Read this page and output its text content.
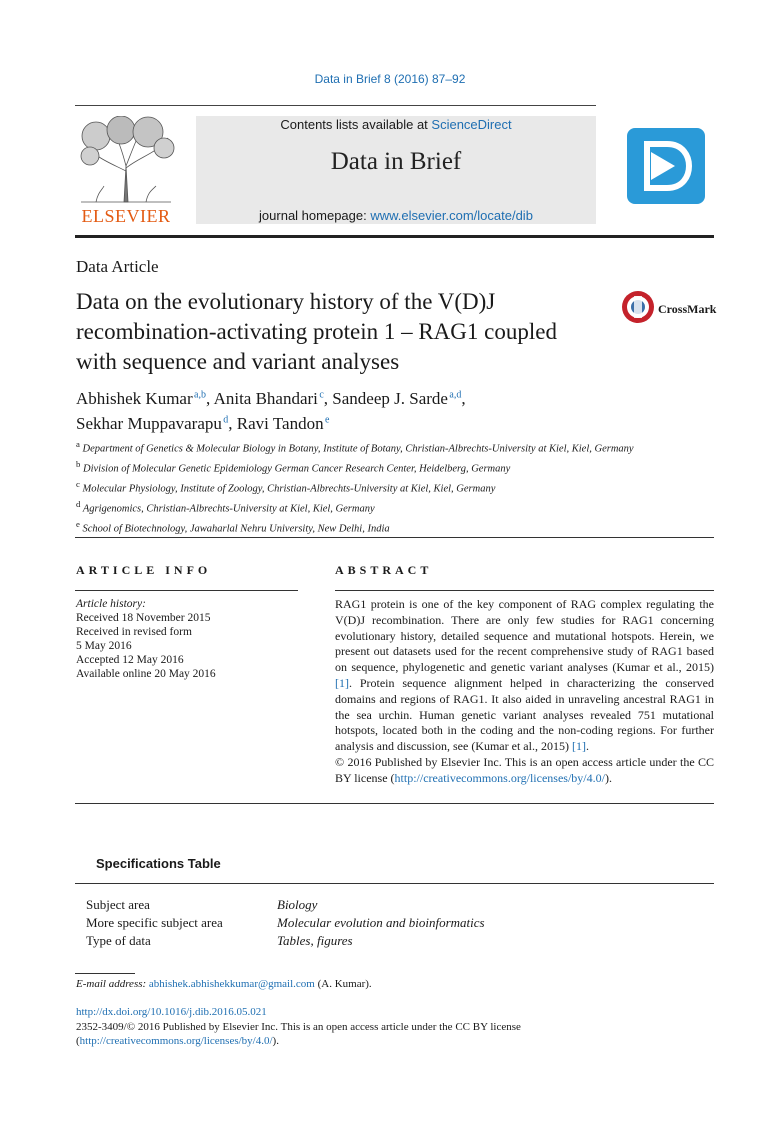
Data in Brief 8 (2016) 87–92
ELSEVIER
Contents lists available at ScienceDirect
Data in Brief
journal homepage: www.elsevier.com/locate/dib
Data Article
Data on the evolutionary history of the V(D)J recombination-activating protein 1 – RAG1 coupled with sequence and variant analyses
CrossMark
Abhishek Kumar $^{a,b}$, Anita Bhandari $^c$, Sandeep J. Sarde $^{a,d}$,
Sekhar Muppavarapu $^d$, Ravi Tandon $^e$
$^a$ Department of Genetics & Molecular Biology in Botany, Institute of Botany, Christian-Albrechts-University at Kiel, Kiel, Germany
$^b$ Division of Molecular Genetic Epidemiology German Cancer Research Center, Heidelberg, Germany
$^c$ Molecular Physiology, Institute of Zoology, Christian-Albrechts-University at Kiel, Kiel, Germany
$^d$ Agrigenomics, Christian-Albrechts-University at Kiel, Kiel, Germany
$^e$ School of Biotechnology, Jawaharlal Nehru University, New Delhi, India
ARTICLE INFO	ABSTRACT
Article history:
Received 18 November 2015
Received in revised form
5 May 2016
Accepted 12 May 2016
Available online 20 May 2016

RAG1 protein is one of the key component of RAG complex regulating the V(D)J recombination. There are only few studies for RAG1 concerning evolutionary history, detailed sequence and mutational hotspots. Herein, we present out datasets used for the recent comprehensive study of RAG1 based on sequence, phylogenetic and genetic variant analyses (Kumar et al., 2015) [1]. Protein sequence alignment helped in characterizing the conserved domains and regions of RAG1. It also aided in unraveling ancestral RAG1 in the sea urchin. Human genetic variant analyses revealed 751 mutational hotspots, located both in the coding and the non-coding regions. For further analysis and discussion, see (Kumar et al., 2015) [1].

© 2016 Published by Elsevier Inc. This is an open access article under the CC BY license (http://creativecommons.org/licenses/by/4.0/).

Specifications Table
Subject area	Biology
More specific subject area	Molecular evolution and bioinformatics
Type of data	Tables, figures
E-mail address: abhishek.abhishekkumar@gmail.com (A. Kumar).
http://dx.doi.org/10.1016/j.dib.2016.05.021
2352-3409/© 2016 Published by Elsevier Inc. This is an open access article under the CC BY license
(http://creativecommons.org/licenses/by/4.0/).
